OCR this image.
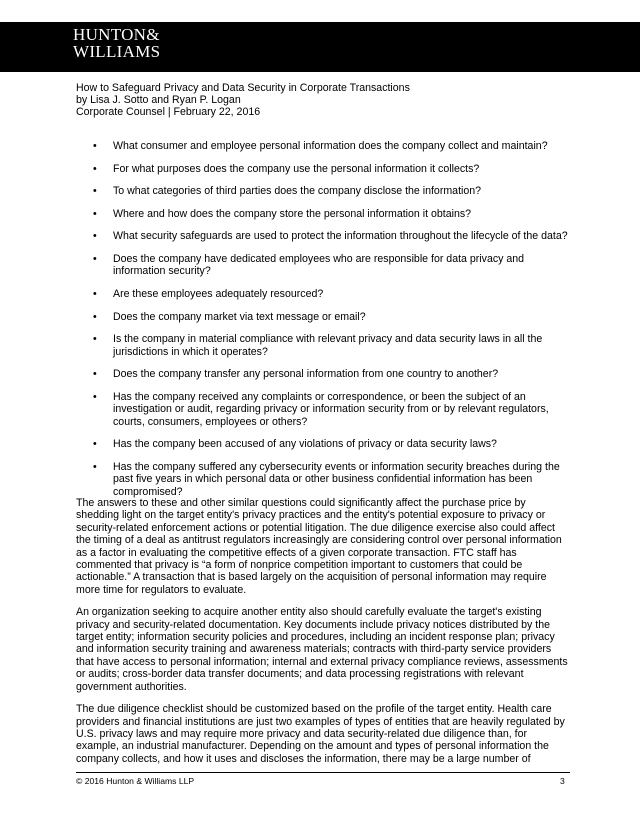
HUNTON&
WILLIAMS
How to Safeguard Privacy and Data Security in Corporate Transactions
by Lisa J. Sotto and Ryan P. Logan
Corporate Counsel | February 22, 2016
• What consumer and employee personal information does the company collect and maintain?
• For what purposes does the company use the personal information it collects?
• To what categories of third parties does the company disclose the information?
• Where and how does the company store the personal information it obtains?
• What security safeguards are used to protect the information throughout the lifecycle of the data?
• Does the company have dedicated employees who are responsible for data privacy and information security?
• Are these employees adequately resourced?
• Does the company market via text message or email?
• Is the company in material compliance with relevant privacy and data security laws in all the jurisdictions in which it operates?
• Does the company transfer any personal information from one country to another?
• Has the company received any complaints or correspondence, or been the subject of an investigation or audit, regarding privacy or information security from or by relevant regulators, courts, consumers, employees or others?
• Has the company been accused of any violations of privacy or data security laws?
• Has the company suffered any cybersecurity events or information security breaches during the past five years in which personal data or other business confidential information has been compromised?

The answers to these and other similar questions could significantly affect the purchase price by shedding light on the target entity's privacy practices and the entity's potential exposure to privacy or security-related enforcement actions or potential litigation. The due diligence exercise also could affect the timing of a deal as antitrust regulators increasingly are considering control over personal information as a factor in evaluating the competitive effects of a given corporate transaction. FTC staff has commented that privacy is “a form of nonprice competition important to customers that could be actionable.” A transaction that is based largely on the acquisition of personal information may require more time for regulators to evaluate.

An organization seeking to acquire another entity also should carefully evaluate the target's existing privacy and security-related documentation. Key documents include privacy notices distributed by the target entity; information security policies and procedures, including an incident response plan; privacy and information security training and awareness materials; contracts with third-party service providers that have access to personal information; internal and external privacy compliance reviews, assessments or audits; cross-border data transfer documents; and data processing registrations with relevant government authorities.

The due diligence checklist should be customized based on the profile of the target entity. Health care providers and financial institutions are just two examples of types of entities that are heavily regulated by U.S. privacy laws and may require more privacy and data security-related due diligence than, for example, an industrial manufacturer. Depending on the amount and types of personal information the company collects, and how it uses and discloses the information, there may be a large number of

© 2016 Hunton & Williams LLP	3
